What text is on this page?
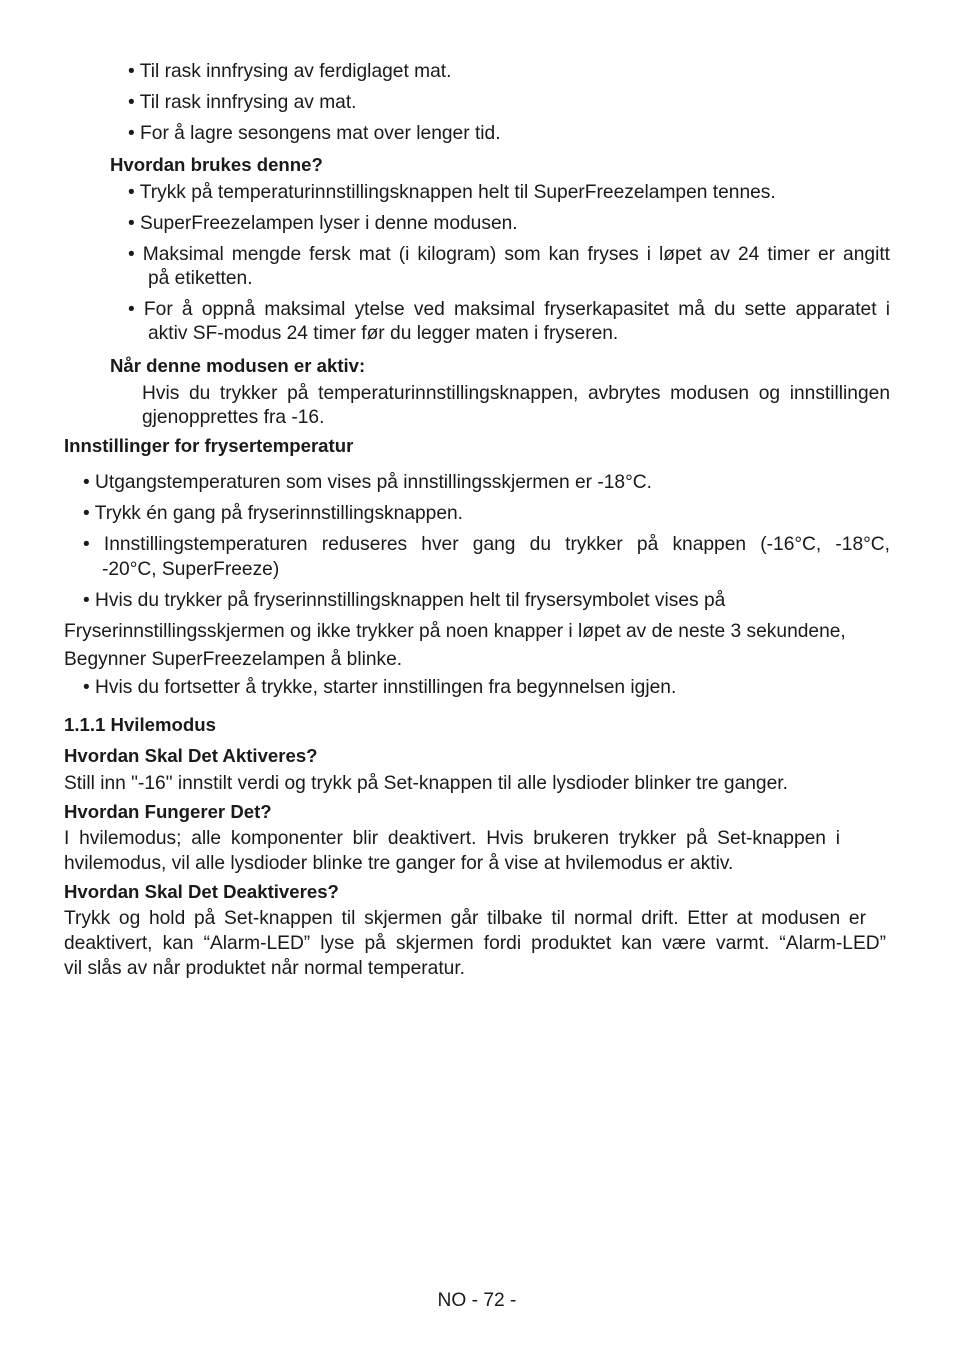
• Til rask innfrysing av ferdiglaget mat.
• Til rask innfrysing av mat.
• For å lagre sesongens mat over lenger tid.
Hvordan brukes denne?
• Trykk på temperaturinnstillingsknappen helt til SuperFreezelampen tennes.
• SuperFreezelampen lyser i denne modusen.
• Maksimal mengde fersk mat (i kilogram) som kan fryses i løpet av 24 timer er angitt
på etiketten.
• For å oppnå maksimal ytelse ved maksimal fryserkapasitet må du sette apparatet i
aktiv SF-modus 24 timer før du legger maten i fryseren.
Når denne modusen er aktiv:
Hvis du trykker på temperaturinnstillingsknappen, avbrytes modusen og innstillingen
gjenopprettes fra -16.
Innstillinger for frysertemperatur
• Utgangstemperaturen som vises på innstillingsskjermen er -18°C.
• Trykk én gang på fryserinnstillingsknappen.
• Innstillingstemperaturen reduseres hver gang du trykker på knappen (-16°C, -18°C,
-20°C, SuperFreeze)
• Hvis du trykker på fryserinnstillingsknappen helt til frysersymbolet vises på
Fryserinnstillingsskjermen og ikke trykker på noen knapper i løpet av de neste 3 sekundene,
Begynner SuperFreezelampen å blinke.
• Hvis du fortsetter å trykke, starter innstillingen fra begynnelsen igjen.
1.1.1 Hvilemodus
Hvordan Skal Det Aktiveres?
Still inn "-16" innstilt verdi og trykk på Set-knappen til alle lysdioder blinker tre ganger.
Hvordan Fungerer Det?
I hvilemodus; alle komponenter blir deaktivert. Hvis brukeren trykker på Set-knappen i
hvilemodus, vil alle lysdioder blinke tre ganger for å vise at hvilemodus er aktiv.
Hvordan Skal Det Deaktiveres?
Trykk og hold på Set-knappen til skjermen går tilbake til normal drift. Etter at modusen er
deaktivert, kan “Alarm-LED” lyse på skjermen fordi produktet kan være varmt. “Alarm-LED”
vil slås av når produktet når normal temperatur.
NO - 72 -
